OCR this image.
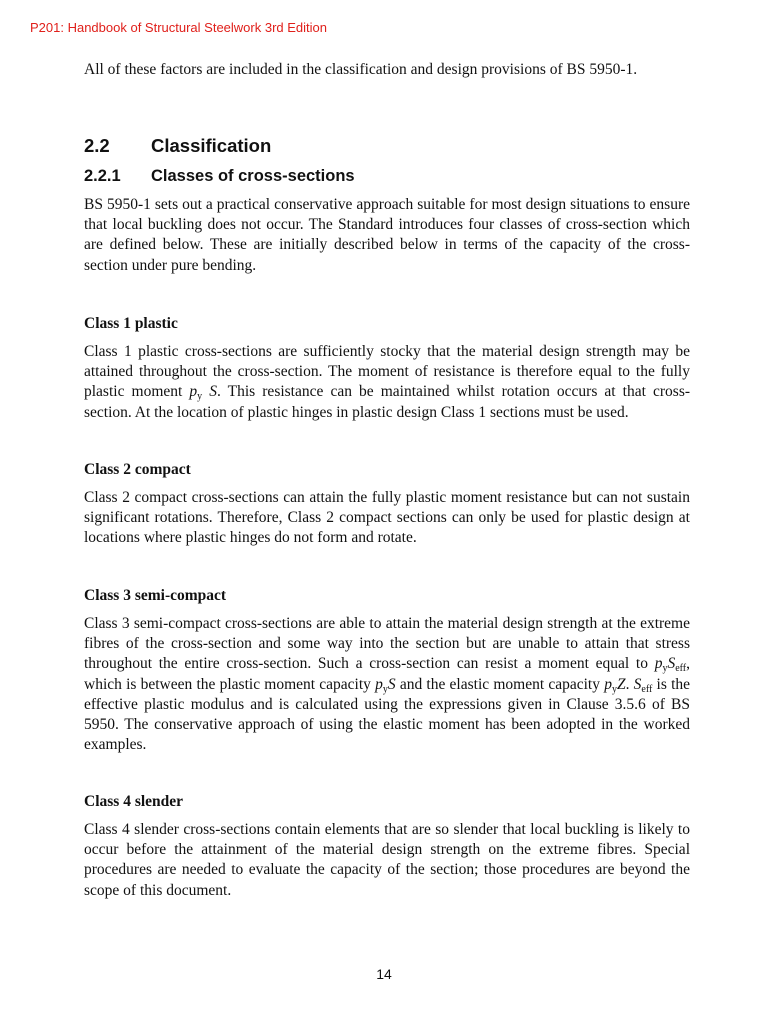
P201: Handbook of Structural Steelwork 3rd Edition

All of these factors are included in the classification and design provisions of BS 5950-1.

2.2 Classification
2.2.1 Classes of cross-sections

BS 5950-1 sets out a practical conservative approach suitable for most design situations to ensure that local buckling does not occur. The Standard introduces four classes of cross-section which are defined below. These are initially described below in terms of the capacity of the cross-section under pure bending.

Class 1 plastic

Class 1 plastic cross-sections are sufficiently stocky that the material design strength may be attained throughout the cross-section. The moment of resistance is therefore equal to the fully plastic moment $p_y$ S. This resistance can be maintained whilst rotation occurs at that cross-section. At the location of plastic hinges in plastic design Class 1 sections must be used.

Class 2 compact

Class 2 compact cross-sections can attain the fully plastic moment resistance but can not sustain significant rotations. Therefore, Class 2 compact sections can only be used for plastic design at locations where plastic hinges do not form and rotate.

Class 3 semi-compact

Class 3 semi-compact cross-sections are able to attain the material design strength at the extreme fibres of the cross-section and some way into the section but are unable to attain that stress throughout the entire cross-section. Such a cross-section can resist a moment equal to $p_yS_{eff}$, which is between the plastic moment capacity $p_yS$ and the elastic moment capacity $p_yZ$. $S_{eff}$ is the effective plastic modulus and is calculated using the expressions given in Clause 3.5.6 of BS 5950. The conservative approach of using the elastic moment has been adopted in the worked examples.

Class 4 slender

Class 4 slender cross-sections contain elements that are so slender that local buckling is likely to occur before the attainment of the material design strength on the extreme fibres. Special procedures are needed to evaluate the capacity of the section; those procedures are beyond the scope of this document.

14
